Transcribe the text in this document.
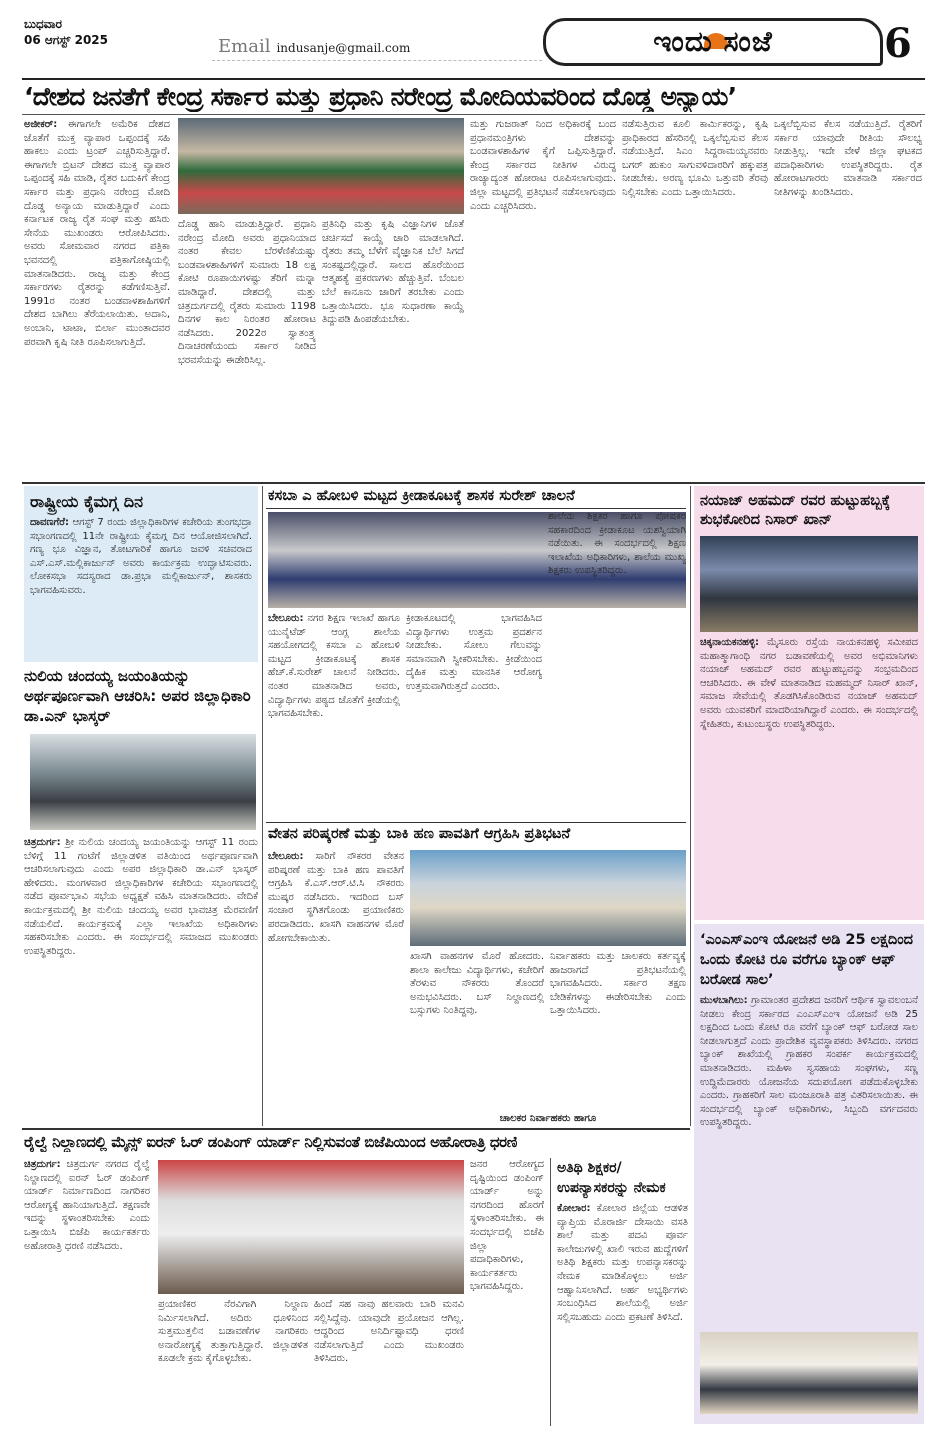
ಬುಧವಾರ
06 ಆಗಸ್ಟ್ 2025	Email indusanje@gmail.com	ಇಂದು ಸಂಜೆ	6
‘ದೇಶದ ಜನತೆಗೆ ಕೇಂದ್ರ ಸರ್ಕಾರ ಮತ್ತು ಪ್ರಧಾನಿ ನರೇಂದ್ರ ಮೋದಿಯವರಿಂದ ದೊಡ್ಡ ಅನ್ಯಾಯ’
ಅಜೀಕರ್: ಈಗಾಗಲೇ ಅಮೆರಿಕ ದೇಶದ ಜೊತೆಗೆ ಮುಕ್ತ ವ್ಯಾಪಾರ ಒಪ್ಪಂದಕ್ಕೆ ಸಹಿ ಹಾಕಲು ಎಂದು ಟ್ರಂಪ್ ಎಚ್ಚರಿಸುತ್ತಿದ್ದಾರೆ. ಈಗಾಗಲೇ ಬ್ರಿಟನ್ ದೇಶದ ಮುಕ್ತ ವ್ಯಾಪಾರ ಒಪ್ಪಂದಕ್ಕೆ ಸಹಿ ಮಾಡಿ, ರೈತರ ಬದುಕಿಗೆ ಕೇಂದ್ರ ಸರ್ಕಾರ ಮತ್ತು ಪ್ರಧಾನಿ ನರೇಂದ್ರ ಮೋದಿ ದೊಡ್ಡ ಅನ್ಯಾಯ ಮಾಡುತ್ತಿದ್ದಾರೆ ಎಂದು ಕರ್ನಾಟಕ ರಾಜ್ಯ ರೈತ ಸಂಘ ಮತ್ತು ಹಸಿರು ಸೇನೆಯ ಮುಖಂಡರು ಆರೋಪಿಸಿದರು. ಅವರು ಸೋಮವಾರ ನಗರದ ಪತ್ರಿಕಾ ಭವನದಲ್ಲಿ ಪತ್ರಿಕಾಗೋಷ್ಠಿಯಲ್ಲಿ ಮಾತನಾಡಿದರು. ರಾಜ್ಯ ಮತ್ತು ಕೇಂದ್ರ ಸರ್ಕಾರಗಳು ರೈತರನ್ನು ಕಡೆಗಣಿಸುತ್ತಿವೆ. 1991ರ ನಂತರ ಬಂಡವಾಳಶಾಹಿಗಳಿಗೆ ದೇಶದ ಬಾಗಿಲು ತೆರೆಯಲಾಯಿತು. ಅದಾನಿ, ಅಂಬಾನಿ, ಟಾಟಾ, ಬಿರ್ಲಾ ಮುಂತಾದವರ ಪರವಾಗಿ ಕೃಷಿ ನೀತಿ ರೂಪಿಸಲಾಗುತ್ತಿದೆ.
ದೊಡ್ಡ ಹಾನಿ ಮಾಡುತ್ತಿದ್ದಾರೆ. ಪ್ರಧಾನಿ ನರೇಂದ್ರ ಮೋದಿ ಅವರು ಪ್ರಧಾನಿಯಾದ ನಂತರ ಕೇವಲ ಬೆರಳೆಣಿಕೆಯಷ್ಟು ಬಂಡವಾಳಶಾಹಿಗಳಿಗೆ ಸುಮಾರು 18 ಲಕ್ಷ ಕೋಟಿ ರೂಪಾಯಿಗಳಷ್ಟು ತೆರಿಗೆ ಮನ್ನಾ ಮಾಡಿದ್ದಾರೆ. ದೇಶದಲ್ಲಿ ಮತ್ತು ಚಿತ್ರದುರ್ಗದಲ್ಲಿ ರೈತರು ಸುಮಾರು 1198 ದಿನಗಳ ಕಾಲ ನಿರಂತರ ಹೋರಾಟ ನಡೆಸಿದರು. 2022ರ ಸ್ವಾತಂತ್ರ್ಯ ದಿನಾಚರಣೆಯಂದು ಸರ್ಕಾರ ನೀಡಿದ ಭರವಸೆಯನ್ನು ಈಡೇರಿಸಿಲ್ಲ.
ಪ್ರತಿನಿಧಿ ಮತ್ತು ಕೃಷಿ ವಿಜ್ಞಾನಿಗಳ ಜೊತೆ ಚರ್ಚಿಸದೆ ಕಾಯ್ದೆ ಜಾರಿ ಮಾಡಲಾಗಿದೆ. ರೈತರು ತಮ್ಮ ಬೆಳೆಗೆ ವೈಜ್ಞಾನಿಕ ಬೆಲೆ ಸಿಗದೆ ಸಂಕಷ್ಟದಲ್ಲಿದ್ದಾರೆ. ಸಾಲದ ಹೊರೆಯಿಂದ ಆತ್ಮಹತ್ಯೆ ಪ್ರಕರಣಗಳು ಹೆಚ್ಚುತ್ತಿವೆ. ಬೆಂಬಲ ಬೆಲೆ ಕಾನೂನು ಜಾರಿಗೆ ತರಬೇಕು ಎಂದು ಒತ್ತಾಯಿಸಿದರು. ಭೂ ಸುಧಾರಣಾ ಕಾಯ್ದೆ ತಿದ್ದುಪಡಿ ಹಿಂಪಡೆಯಬೇಕು.
ಮತ್ತು ಗುಜರಾತ್ ನಿಂದ ಅಧಿಕಾರಕ್ಕೆ ಬಂದ ಪ್ರಧಾನಮಂತ್ರಿಗಳು ದೇಶವನ್ನು ಬಂಡವಾಳಶಾಹಿಗಳ ಕೈಗೆ ಒಪ್ಪಿಸುತ್ತಿದ್ದಾರೆ. ಕೇಂದ್ರ ಸರ್ಕಾರದ ನೀತಿಗಳ ವಿರುದ್ಧ ರಾಜ್ಯಾದ್ಯಂತ ಹೋರಾಟ ರೂಪಿಸಲಾಗುವುದು. ಜಿಲ್ಲಾ ಮಟ್ಟದಲ್ಲಿ ಪ್ರತಿಭಟನೆ ನಡೆಸಲಾಗುವುದು ಎಂದು ಎಚ್ಚರಿಸಿದರು.
ನಡೆಸುತ್ತಿರುವ ಕೂಲಿ ಕಾರ್ಮಿಕರನ್ನು, ಕೃಷಿ ಪ್ರಾಧಿಕಾರದ ಹೆಸರಿನಲ್ಲಿ ಒಕ್ಕಲೆಬ್ಬಿಸುವ ಕೆಲಸ ನಡೆಯುತ್ತಿದೆ. ಸಿಎಂ ಸಿದ್ದರಾಮಯ್ಯನವರು ಬಗರ್ ಹುಕುಂ ಸಾಗುವಳಿದಾರರಿಗೆ ಹಕ್ಕುಪತ್ರ ನೀಡಬೇಕು. ಅರಣ್ಯ ಭೂಮಿ ಒತ್ತುವರಿ ತೆರವು ನಿಲ್ಲಿಸಬೇಕು ಎಂದು ಒತ್ತಾಯಿಸಿದರು.
ಒಕ್ಕಲೆಬ್ಬಿಸುವ ಕೆಲಸ ನಡೆಯುತ್ತಿದೆ. ರೈತರಿಗೆ ಸರ್ಕಾರ ಯಾವುದೇ ರೀತಿಯ ಸೌಲಭ್ಯ ನೀಡುತ್ತಿಲ್ಲ. ಇದೇ ವೇಳೆ ಜಿಲ್ಲಾ ಘಟಕದ ಪದಾಧಿಕಾರಿಗಳು ಉಪಸ್ಥಿತರಿದ್ದರು. ರೈತ ಹೋರಾಟಗಾರರು ಮಾತನಾಡಿ ಸರ್ಕಾರದ ನೀತಿಗಳನ್ನು ಖಂಡಿಸಿದರು.
ರಾಷ್ಟ್ರೀಯ ಕೈಮಗ್ಗ ದಿನ
ದಾವಣಗೆರೆ: ಆಗಸ್ಟ್ 7 ರಂದು ಜಿಲ್ಲಾಧಿಕಾರಿಗಳ ಕಚೇರಿಯ ತುಂಗಭದ್ರಾ ಸಭಾಂಗಣದಲ್ಲಿ 11ನೇ ರಾಷ್ಟ್ರೀಯ ಕೈಮಗ್ಗ ದಿನ ಆಯೋಜಿಸಲಾಗಿದೆ. ಗಣ್ಯ ಭೂ ವಿಜ್ಞಾನ, ತೋಟಗಾರಿಕೆ ಹಾಗೂ ಜವಳಿ ಸಚಿವರಾದ ಎಸ್.ಎಸ್.ಮಲ್ಲಿಕಾರ್ಜುನ್ ಅವರು ಕಾರ್ಯಕ್ರಮ ಉದ್ಘಾಟಿಸುವರು. ಲೋಕಸಭಾ ಸದಸ್ಯರಾದ ಡಾ.ಪ್ರಭಾ ಮಲ್ಲಿಕಾರ್ಜುನ್, ಶಾಸಕರು ಭಾಗವಹಿಸುವರು.
ನುಲಿಯ ಚಂದಯ್ಯ ಜಯಂತಿಯನ್ನು ಅರ್ಥಪೂರ್ಣವಾಗಿ ಆಚರಿಸಿ: ಅಪರ ಜಿಲ್ಲಾಧಿಕಾರಿ ಡಾ.ಎನ್ ಭಾಸ್ಕರ್
ಚಿತ್ರದುರ್ಗ: ಶ್ರೀ ನುಲಿಯ ಚಂದಯ್ಯ ಜಯಂತಿಯನ್ನು ಆಗಸ್ಟ್ 11 ರಂದು ಬೆಳಿಗ್ಗೆ 11 ಗಂಟೆಗೆ ಜಿಲ್ಲಾಡಳಿತ ವತಿಯಿಂದ ಅರ್ಥಪೂರ್ಣವಾಗಿ ಆಚರಿಸಲಾಗುವುದು ಎಂದು ಅಪರ ಜಿಲ್ಲಾಧಿಕಾರಿ ಡಾ.ಎನ್ ಭಾಸ್ಕರ್ ಹೇಳಿದರು. ಮಂಗಳವಾರ ಜಿಲ್ಲಾಧಿಕಾರಿಗಳ ಕಚೇರಿಯ ಸಭಾಂಗಣದಲ್ಲಿ ನಡೆದ ಪೂರ್ವಭಾವಿ ಸಭೆಯ ಅಧ್ಯಕ್ಷತೆ ವಹಿಸಿ ಮಾತನಾಡಿದರು. ವೇದಿಕೆ ಕಾರ್ಯಕ್ರಮದಲ್ಲಿ ಶ್ರೀ ನುಲಿಯ ಚಂದಯ್ಯ ಅವರ ಭಾವಚಿತ್ರ ಮೆರವಣಿಗೆ ನಡೆಯಲಿದೆ. ಕಾರ್ಯಕ್ರಮಕ್ಕೆ ಎಲ್ಲಾ ಇಲಾಖೆಯ ಅಧಿಕಾರಿಗಳು ಸಹಕರಿಸಬೇಕು ಎಂದರು. ಈ ಸಂದರ್ಭದಲ್ಲಿ ಸಮಾಜದ ಮುಖಂಡರು ಉಪಸ್ಥಿತರಿದ್ದರು.
ಕಸಬಾ ಎ ಹೋಬಳಿ ಮಟ್ಟದ ಕ್ರೀಡಾಕೂಟಕ್ಕೆ ಶಾಸಕ ಸುರೇಶ್ ಚಾಲನೆ
ಬೇಲೂರು: ನಗರ ಶಿಕ್ಷಣ ಇಲಾಖೆ ಹಾಗೂ ಯುನೈಟೆಡ್ ಆಂಗ್ಲ ಶಾಲೆಯ ಸಹಯೋಗದಲ್ಲಿ ಕಸಬಾ ಎ ಹೋಬಳಿ ಮಟ್ಟದ ಕ್ರೀಡಾಕೂಟಕ್ಕೆ ಶಾಸಕ ಹೆಚ್.ಕೆ.ಸುರೇಶ್ ಚಾಲನೆ ನೀಡಿದರು. ನಂತರ ಮಾತನಾಡಿದ ಅವರು, ವಿದ್ಯಾರ್ಥಿಗಳು ಪಠ್ಯದ ಜೊತೆಗೆ ಕ್ರೀಡೆಯಲ್ಲಿ ಭಾಗವಹಿಸಬೇಕು.
ಕ್ರೀಡಾಕೂಟದಲ್ಲಿ ಭಾಗವಹಿಸಿದ ವಿದ್ಯಾರ್ಥಿಗಳು ಉತ್ತಮ ಪ್ರದರ್ಶನ ನೀಡಬೇಕು. ಸೋಲು ಗೆಲುವನ್ನು ಸಮಾನವಾಗಿ ಸ್ವೀಕರಿಸಬೇಕು. ಕ್ರೀಡೆಯಿಂದ ದೈಹಿಕ ಮತ್ತು ಮಾನಸಿಕ ಆರೋಗ್ಯ ಉತ್ತಮವಾಗಿರುತ್ತದೆ ಎಂದರು.
ಶಾಲೆಯ ಶಿಕ್ಷಕರ ಹಾಗೂ ಪೋಷಕರ ಸಹಕಾರದಿಂದ ಕ್ರೀಡಾಕೂಟ ಯಶಸ್ವಿಯಾಗಿ ನಡೆಯಿತು. ಈ ಸಂದರ್ಭದಲ್ಲಿ ಶಿಕ್ಷಣ ಇಲಾಖೆಯ ಅಧಿಕಾರಿಗಳು, ಶಾಲೆಯ ಮುಖ್ಯ ಶಿಕ್ಷಕರು ಉಪಸ್ಥಿತರಿದ್ದರು.
ವೇತನ ಪರಿಷ್ಕರಣೆ ಮತ್ತು ಬಾಕಿ ಹಣ ಪಾವತಿಗೆ ಆಗ್ರಹಿಸಿ ಪ್ರತಿಭಟನೆ
ಬೇಲೂರು: ಸಾರಿಗೆ ನೌಕರರ ವೇತನ ಪರಿಷ್ಕರಣೆ ಮತ್ತು ಬಾಕಿ ಹಣ ಪಾವತಿಗೆ ಆಗ್ರಹಿಸಿ ಕೆ.ಎಸ್.ಆರ್.ಟಿ.ಸಿ ನೌಕರರು ಮುಷ್ಕರ ನಡೆಸಿದರು. ಇದರಿಂದ ಬಸ್ ಸಂಚಾರ ಸ್ಥಗಿತಗೊಂಡು ಪ್ರಯಾಣಿಕರು ಪರದಾಡಿದರು. ಖಾಸಗಿ ವಾಹನಗಳ ಮೊರೆ ಹೋಗಬೇಕಾಯಿತು.
ಖಾಸಗಿ ವಾಹನಗಳ ಮೊರೆ ಹೋದರು. ಶಾಲಾ ಕಾಲೇಜು ವಿದ್ಯಾರ್ಥಿಗಳು, ಕಚೇರಿಗೆ ತೆರಳುವ ನೌಕರರು ತೊಂದರೆ ಅನುಭವಿಸಿದರು. ಬಸ್ ನಿಲ್ದಾಣದಲ್ಲಿ ಬಸ್ಸುಗಳು ನಿಂತಿದ್ದವು.
ನಿರ್ವಾಹಕರು ಮತ್ತು ಚಾಲಕರು ಕರ್ತವ್ಯಕ್ಕೆ ಹಾಜರಾಗದೆ ಪ್ರತಿಭಟನೆಯಲ್ಲಿ ಭಾಗವಹಿಸಿದರು. ಸರ್ಕಾರ ತಕ್ಷಣ ಬೇಡಿಕೆಗಳನ್ನು ಈಡೇರಿಸಬೇಕು ಎಂದು ಒತ್ತಾಯಿಸಿದರು.
ಚಾಲಕರ ನಿರ್ವಾಹಕರು ಹಾಗೂ
ನಯಾಜ್ ಅಹಮದ್ ರವರ ಹುಟ್ಟುಹಬ್ಬಕ್ಕೆ ಶುಭಕೋರಿದ ನಿಸಾರ್ ಖಾನ್
ಚಿಕ್ಕನಾಯಕನಹಳ್ಳಿ: ಮೈಸೂರು ರಸ್ತೆಯ ನಾಯಕನಹಳ್ಳಿ ಸಮೀಪದ ಮಹಾತ್ಮಾಗಾಂಧಿ ನಗರ ಬಡಾವಣೆಯಲ್ಲಿ ಅವರ ಅಭಿಮಾನಿಗಳು ನಯಾಜ್ ಅಹಮದ್ ರವರ ಹುಟ್ಟುಹಬ್ಬವನ್ನು ಸಂಭ್ರಮದಿಂದ ಆಚರಿಸಿದರು. ಈ ವೇಳೆ ಮಾತನಾಡಿದ ಮಹಮ್ಮದ್ ನಿಸಾರ್ ಖಾನ್, ಸಮಾಜ ಸೇವೆಯಲ್ಲಿ ತೊಡಗಿಸಿಕೊಂಡಿರುವ ನಯಾಜ್ ಅಹಮದ್ ಅವರು ಯುವಕರಿಗೆ ಮಾದರಿಯಾಗಿದ್ದಾರೆ ಎಂದರು. ಈ ಸಂದರ್ಭದಲ್ಲಿ ಸ್ನೇಹಿತರು, ಕುಟುಂಬಸ್ಥರು ಉಪಸ್ಥಿತರಿದ್ದರು.
‘ಎಂಎಸ್‌ಎಂಇ ಯೋಜನೆ ಅಡಿ 25 ಲಕ್ಷದಿಂದ ಒಂದು ಕೋಟಿ ರೂ ವರೆಗೂ ಬ್ಯಾಂಕ್ ಆಫ್ ಬರೋಡ ಸಾಲ’
ಮುಳಬಾಗಿಲು: ಗ್ರಾಮಾಂತರ ಪ್ರದೇಶದ ಜನರಿಗೆ ಆರ್ಥಿಕ ಸ್ವಾವಲಂಬನೆ ನೀಡಲು ಕೇಂದ್ರ ಸರ್ಕಾರದ ಎಂಎಸ್‌ಎಂಇ ಯೋಜನೆ ಅಡಿ 25 ಲಕ್ಷದಿಂದ ಒಂದು ಕೋಟಿ ರೂ ವರೆಗೆ ಬ್ಯಾಂಕ್ ಆಫ್ ಬರೋಡ ಸಾಲ ನೀಡಲಾಗುತ್ತದೆ ಎಂದು ಪ್ರಾದೇಶಿಕ ವ್ಯವಸ್ಥಾಪಕರು ತಿಳಿಸಿದರು. ನಗರದ ಬ್ಯಾಂಕ್ ಶಾಖೆಯಲ್ಲಿ ಗ್ರಾಹಕರ ಸಂಪರ್ಕ ಕಾರ್ಯಕ್ರಮದಲ್ಲಿ ಮಾತನಾಡಿದರು. ಮಹಿಳಾ ಸ್ವಸಹಾಯ ಸಂಘಗಳು, ಸಣ್ಣ ಉದ್ದಿಮೆದಾರರು ಯೋಜನೆಯ ಸದುಪಯೋಗ ಪಡೆದುಕೊಳ್ಳಬೇಕು ಎಂದರು. ಗ್ರಾಹಕರಿಗೆ ಸಾಲ ಮಂಜೂರಾತಿ ಪತ್ರ ವಿತರಿಸಲಾಯಿತು. ಈ ಸಂದರ್ಭದಲ್ಲಿ ಬ್ಯಾಂಕ್ ಅಧಿಕಾರಿಗಳು, ಸಿಬ್ಬಂದಿ ವರ್ಗದವರು ಉಪಸ್ಥಿತರಿದ್ದರು.
ರೈಲ್ವೆ ನಿಲ್ದಾಣದಲ್ಲಿ ಮೈನ್ಸ್ ಐರನ್ ಓರ್ ಡಂಪಿಂಗ್ ಯಾರ್ಡ್ ನಿಲ್ಲಿಸುವಂತೆ ಬಿಜೆಪಿಯಿಂದ ಅಹೋರಾತ್ರಿ ಧರಣಿ
ಚಿತ್ರದುರ್ಗ: ಚಿತ್ರದುರ್ಗ ನಗರದ ರೈಲ್ವೆ ನಿಲ್ದಾಣದಲ್ಲಿ ಐರನ್ ಓರ್ ಡಂಪಿಂಗ್ ಯಾರ್ಡ್ ನಿರ್ಮಾಣದಿಂದ ನಾಗರಿಕರ ಆರೋಗ್ಯಕ್ಕೆ ಹಾನಿಯಾಗುತ್ತಿದೆ. ತಕ್ಷಣವೇ ಇದನ್ನು ಸ್ಥಳಾಂತರಿಸಬೇಕು ಎಂದು ಒತ್ತಾಯಿಸಿ ಬಿಜೆಪಿ ಕಾರ್ಯಕರ್ತರು ಅಹೋರಾತ್ರಿ ಧರಣಿ ನಡೆಸಿದರು.
ಪ್ರಯಾಣಿಕರ ನೆರವಿಗಾಗಿ ನಿಲ್ದಾಣ ನಿರ್ಮಿಸಲಾಗಿದೆ. ಅದಿರು ಧೂಳಿನಿಂದ ಸುತ್ತಮುತ್ತಲಿನ ಬಡಾವಣೆಗಳ ನಾಗರಿಕರು ಅನಾರೋಗ್ಯಕ್ಕೆ ತುತ್ತಾಗುತ್ತಿದ್ದಾರೆ. ಜಿಲ್ಲಾಡಳಿತ ಕೂಡಲೇ ಕ್ರಮ ಕೈಗೊಳ್ಳಬೇಕು.
ಹಿಂದೆ ಸಹ ನಾವು ಹಲವಾರು ಬಾರಿ ಮನವಿ ಸಲ್ಲಿಸಿದ್ದೆವು. ಯಾವುದೇ ಪ್ರಯೋಜನ ಆಗಿಲ್ಲ. ಆದ್ದರಿಂದ ಅನಿರ್ದಿಷ್ಟಾವಧಿ ಧರಣಿ ನಡೆಸಲಾಗುತ್ತಿದೆ ಎಂದು ಮುಖಂಡರು ತಿಳಿಸಿದರು.
ಜನರ ಆರೋಗ್ಯದ ದೃಷ್ಟಿಯಿಂದ ಡಂಪಿಂಗ್ ಯಾರ್ಡ್ ಅನ್ನು ನಗರದಿಂದ ಹೊರಗೆ ಸ್ಥಳಾಂತರಿಸಬೇಕು. ಈ ಸಂದರ್ಭದಲ್ಲಿ ಬಿಜೆಪಿ ಜಿಲ್ಲಾ ಪದಾಧಿಕಾರಿಗಳು, ಕಾರ್ಯಕರ್ತರು ಭಾಗವಹಿಸಿದ್ದರು.
ಅತಿಥಿ ಶಿಕ್ಷಕರ/ ಉಪನ್ಯಾಸಕರನ್ನು ನೇಮಕ
ಕೋಲಾರ: ಕೋಲಾರ ಜಿಲ್ಲೆಯ ಆಡಳಿತ ವ್ಯಾಪ್ತಿಯ ಮೊರಾರ್ಜಿ ದೇಸಾಯಿ ವಸತಿ ಶಾಲೆ ಮತ್ತು ಪದವಿ ಪೂರ್ವ ಕಾಲೇಜುಗಳಲ್ಲಿ ಖಾಲಿ ಇರುವ ಹುದ್ದೆಗಳಿಗೆ ಅತಿಥಿ ಶಿಕ್ಷಕರು ಮತ್ತು ಉಪನ್ಯಾಸಕರನ್ನು ನೇಮಕ ಮಾಡಿಕೊಳ್ಳಲು ಅರ್ಜಿ ಆಹ್ವಾನಿಸಲಾಗಿದೆ. ಅರ್ಹ ಅಭ್ಯರ್ಥಿಗಳು ಸಂಬಂಧಿಸಿದ ಶಾಲೆಯಲ್ಲಿ ಅರ್ಜಿ ಸಲ್ಲಿಸಬಹುದು ಎಂದು ಪ್ರಕಟಣೆ ತಿಳಿಸಿದೆ.
